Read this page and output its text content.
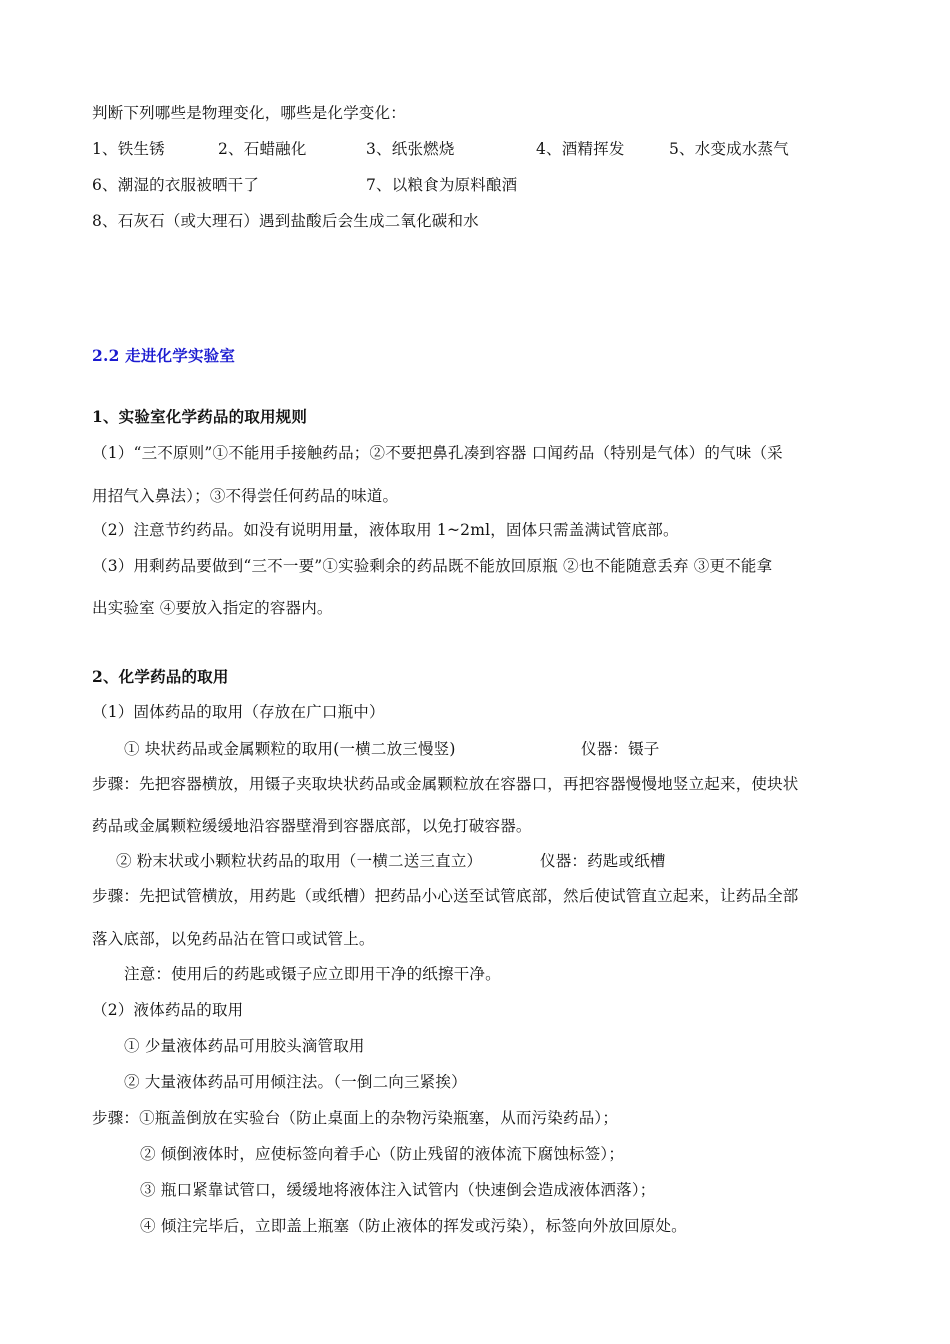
判断下列哪些是物理变化，哪些是化学变化：
1、铁生锈	2、石蜡融化	3、纸张燃烧	4、酒精挥发	5、水变成水蒸气
6、潮湿的衣服被晒干了	7、以粮食为原料酿酒
8、石灰石（或大理石）遇到盐酸后会生成二氧化碳和水
2.2 走进化学实验室
1、实验室化学药品的取用规则
（1）“三不原则”①不能用手接触药品；②不要把鼻孔凑到容器 口闻药品（特别是气体）的气味（采
用招气入鼻法）；③不得尝任何药品的味道。
（2）注意节约药品。如没有说明用量，液体取用 1~2ml，固体只需盖满试管底部。
（3）用剩药品要做到“三不一要”①实验剩余的药品既不能放回原瓶 ②也不能随意丢弃 ③更不能拿
出实验室 ④要放入指定的容器内。
2、化学药品的取用
（1）固体药品的取用（存放在广口瓶中）
① 块状药品或金属颗粒的取用(一横二放三慢竖)	仪器：镊子
步骤：先把容器横放，用镊子夹取块状药品或金属颗粒放在容器口，再把容器慢慢地竖立起来，使块状
药品或金属颗粒缓缓地沿容器壁滑到容器底部，以免打破容器。
② 粉末状或小颗粒状药品的取用（一横二送三直立）	仪器：药匙或纸槽
步骤：先把试管横放，用药匙（或纸槽）把药品小心送至试管底部，然后使试管直立起来，让药品全部
落入底部，以免药品沾在管口或试管上。
注意：使用后的药匙或镊子应立即用干净的纸擦干净。
（2）液体药品的取用
① 少量液体药品可用胶头滴管取用
② 大量液体药品可用倾注法。（一倒二向三紧挨）
步骤：①瓶盖倒放在实验台（防止桌面上的杂物污染瓶塞，从而污染药品）；
② 倾倒液体时，应使标签向着手心（防止残留的液体流下腐蚀标签）；
③ 瓶口紧靠试管口，缓缓地将液体注入试管内（快速倒会造成液体洒落）；
④ 倾注完毕后，立即盖上瓶塞（防止液体的挥发或污染），标签向外放回原处。
